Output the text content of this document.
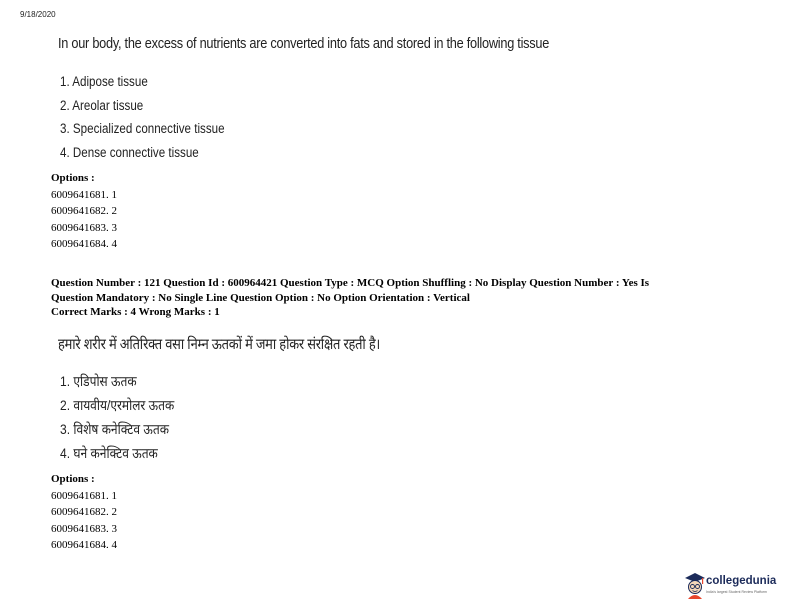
9/18/2020
In our body, the excess of nutrients are converted into fats and stored in the following tissue
1. Adipose tissue
2. Areolar tissue
3. Specialized connective tissue
4. Dense connective tissue
Options :
6009641681. 1
6009641682. 2
6009641683. 3
6009641684. 4
Question Number : 121 Question Id : 600964421 Question Type : MCQ Option Shuffling : No Display Question Number : Yes Is
Question Mandatory : No Single Line Question Option : No Option Orientation : Vertical
Correct Marks : 4 Wrong Marks : 1
हमारे शरीर में अतिरिक्त वसा निम्न ऊतकों में जमा होकर संरक्षित रहती है।
1. एडिपोस ऊतक
2. वायवीय/एरमोलर ऊतक
3. विशेष कनेक्टिव ऊतक
4. घने कनेक्टिव ऊतक
Options :
6009641681. 1
6009641682. 2
6009641683. 3
6009641684. 4
collegedunia
India's largest Student Review Platform
